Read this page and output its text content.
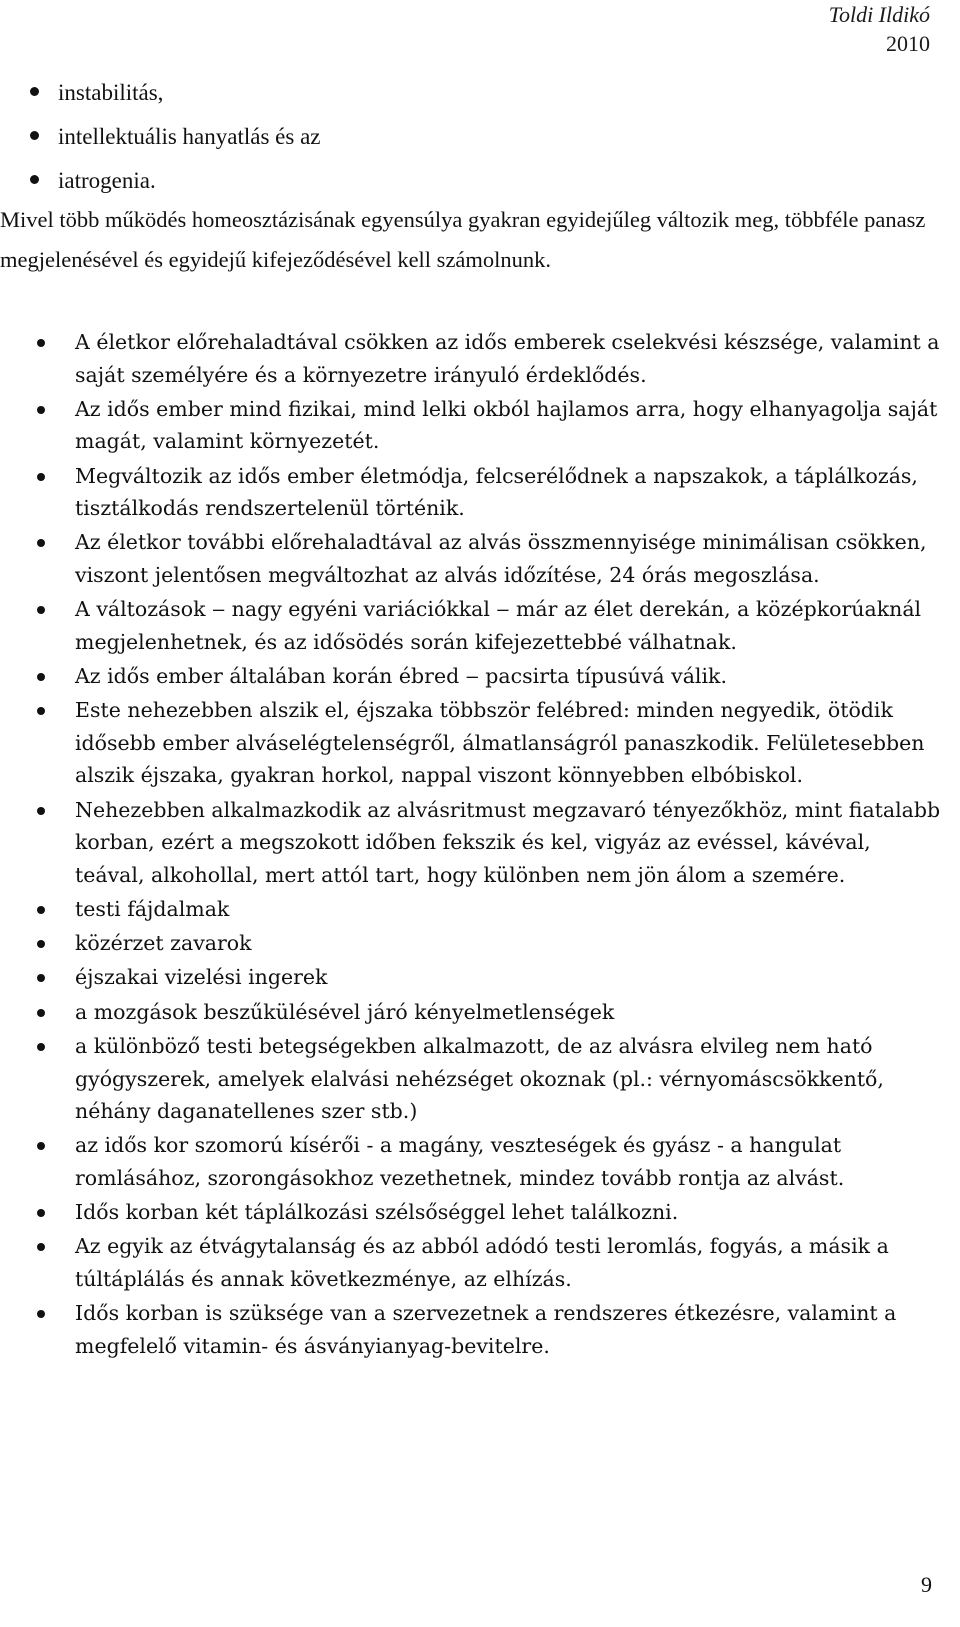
Toldi Ildikó
2010
instabilitás,
intellektuális hanyatlás és az
iatrogenia.

Mivel több működés homeosztázisának egyensúlya gyakran egyidejűleg változik meg, többféle panasz megjelenésével és egyidejű kifejeződésével kell számolnunk.

A életkor előrehaladtával csökken az idős emberek cselekvési készsége, valamint a saját személyére és a környezetre irányuló érdeklődés.
Az idős ember mind fizikai, mind lelki okból hajlamos arra, hogy elhanyagolja saját magát, valamint környezetét.
Megváltozik az idős ember életmódja, felcserélődnek a napszakok, a táplálkozás, tisztálkodás rendszertelenül történik.
Az életkor további előrehaladtával az alvás összmennyisége minimálisan csökken, viszont jelentősen megváltozhat az alvás időzítése, 24 órás megoszlása.
A változások ‒ nagy egyéni variációkkal ‒ már az élet derekán, a középkorúaknál megjelenhetnek, és az idősödés során kifejezettebbé válhatnak.
Az idős ember általában korán ébred ‒ pacsirta típusúvá válik.
Este nehezebben alszik el, éjszaka többször felébred: minden negyedik, ötödik idősebb ember alváselégtelenségről, álmatlanságról panaszkodik. Felületesebben alszik éjszaka, gyakran horkol, nappal viszont könnyebben elbóbiskol.
Nehezebben alkalmazkodik az alvásritmust megzavaró tényezőkhöz, mint fiatalabb korban, ezért a megszokott időben fekszik és kel, vigyáz az evéssel, kávéval, teával, alkohollal, mert attól tart, hogy különben nem jön álom a szemére.
testi fájdalmak
közérzet zavarok
éjszakai vizelési ingerek
a mozgások beszűkülésével járó kényelmetlenségek
a különböző testi betegségekben alkalmazott, de az alvásra elvileg nem ható gyógyszerek, amelyek elalvási nehézséget okoznak (pl.: vérnyomáscsökkentő, néhány daganatellenes szer stb.)
az idős kor szomorú kísérői - a magány, veszteségek és gyász - a hangulat romlásához, szorongásokhoz vezethetnek, mindez tovább rontja az alvást.
Idős korban két táplálkozási szélsőséggel lehet találkozni.
Az egyik az étvágytalanság és az abból adódó testi leromlás, fogyás, a másik a túltáplálás és annak következménye, az elhízás.
Idős korban is szüksége van a szervezetnek a rendszeres étkezésre, valamint a megfelelő vitamin- és ásványianyag-bevitelre.
9
